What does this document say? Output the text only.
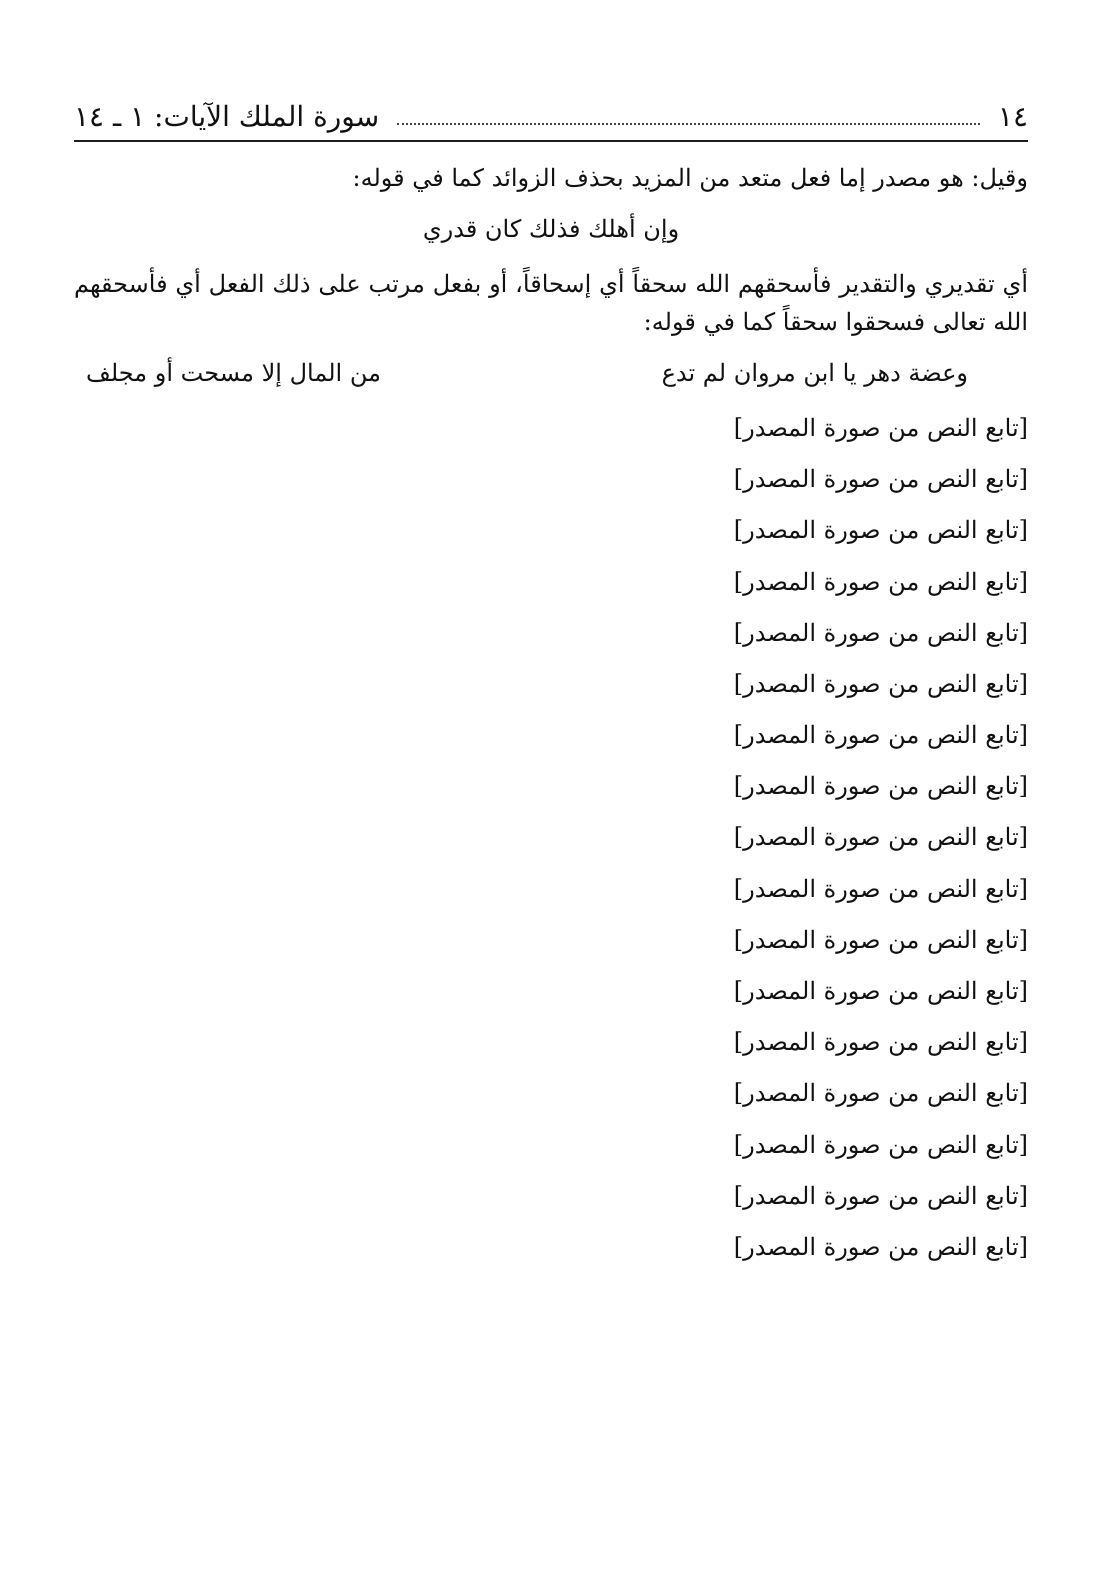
١٤
سورة الملك الآيات: ١ ـ ١٤

وقيل: هو مصدر إما فعل متعد من المزيد بحذف الزوائد كما في قوله:

وإن أهلك فذلك كان قدري

أي تقديري والتقدير فأسحقهم الله سحقاً أي إسحاقاً، أو بفعل مرتب على ذلك الفعل أي فأسحقهم الله تعالى فسحقوا سحقاً كما في قوله:

وعضة دهر يا ابن مروان لم تدع
من المال إلا مسحت أو مجلف

[تابع النص من صورة المصدر]

[تابع النص من صورة المصدر]

[تابع النص من صورة المصدر]

[تابع النص من صورة المصدر]

[تابع النص من صورة المصدر]

[تابع النص من صورة المصدر]

[تابع النص من صورة المصدر]

[تابع النص من صورة المصدر]

[تابع النص من صورة المصدر]

[تابع النص من صورة المصدر]

[تابع النص من صورة المصدر]

[تابع النص من صورة المصدر]

[تابع النص من صورة المصدر]

[تابع النص من صورة المصدر]

[تابع النص من صورة المصدر]

[تابع النص من صورة المصدر]

[تابع النص من صورة المصدر]
